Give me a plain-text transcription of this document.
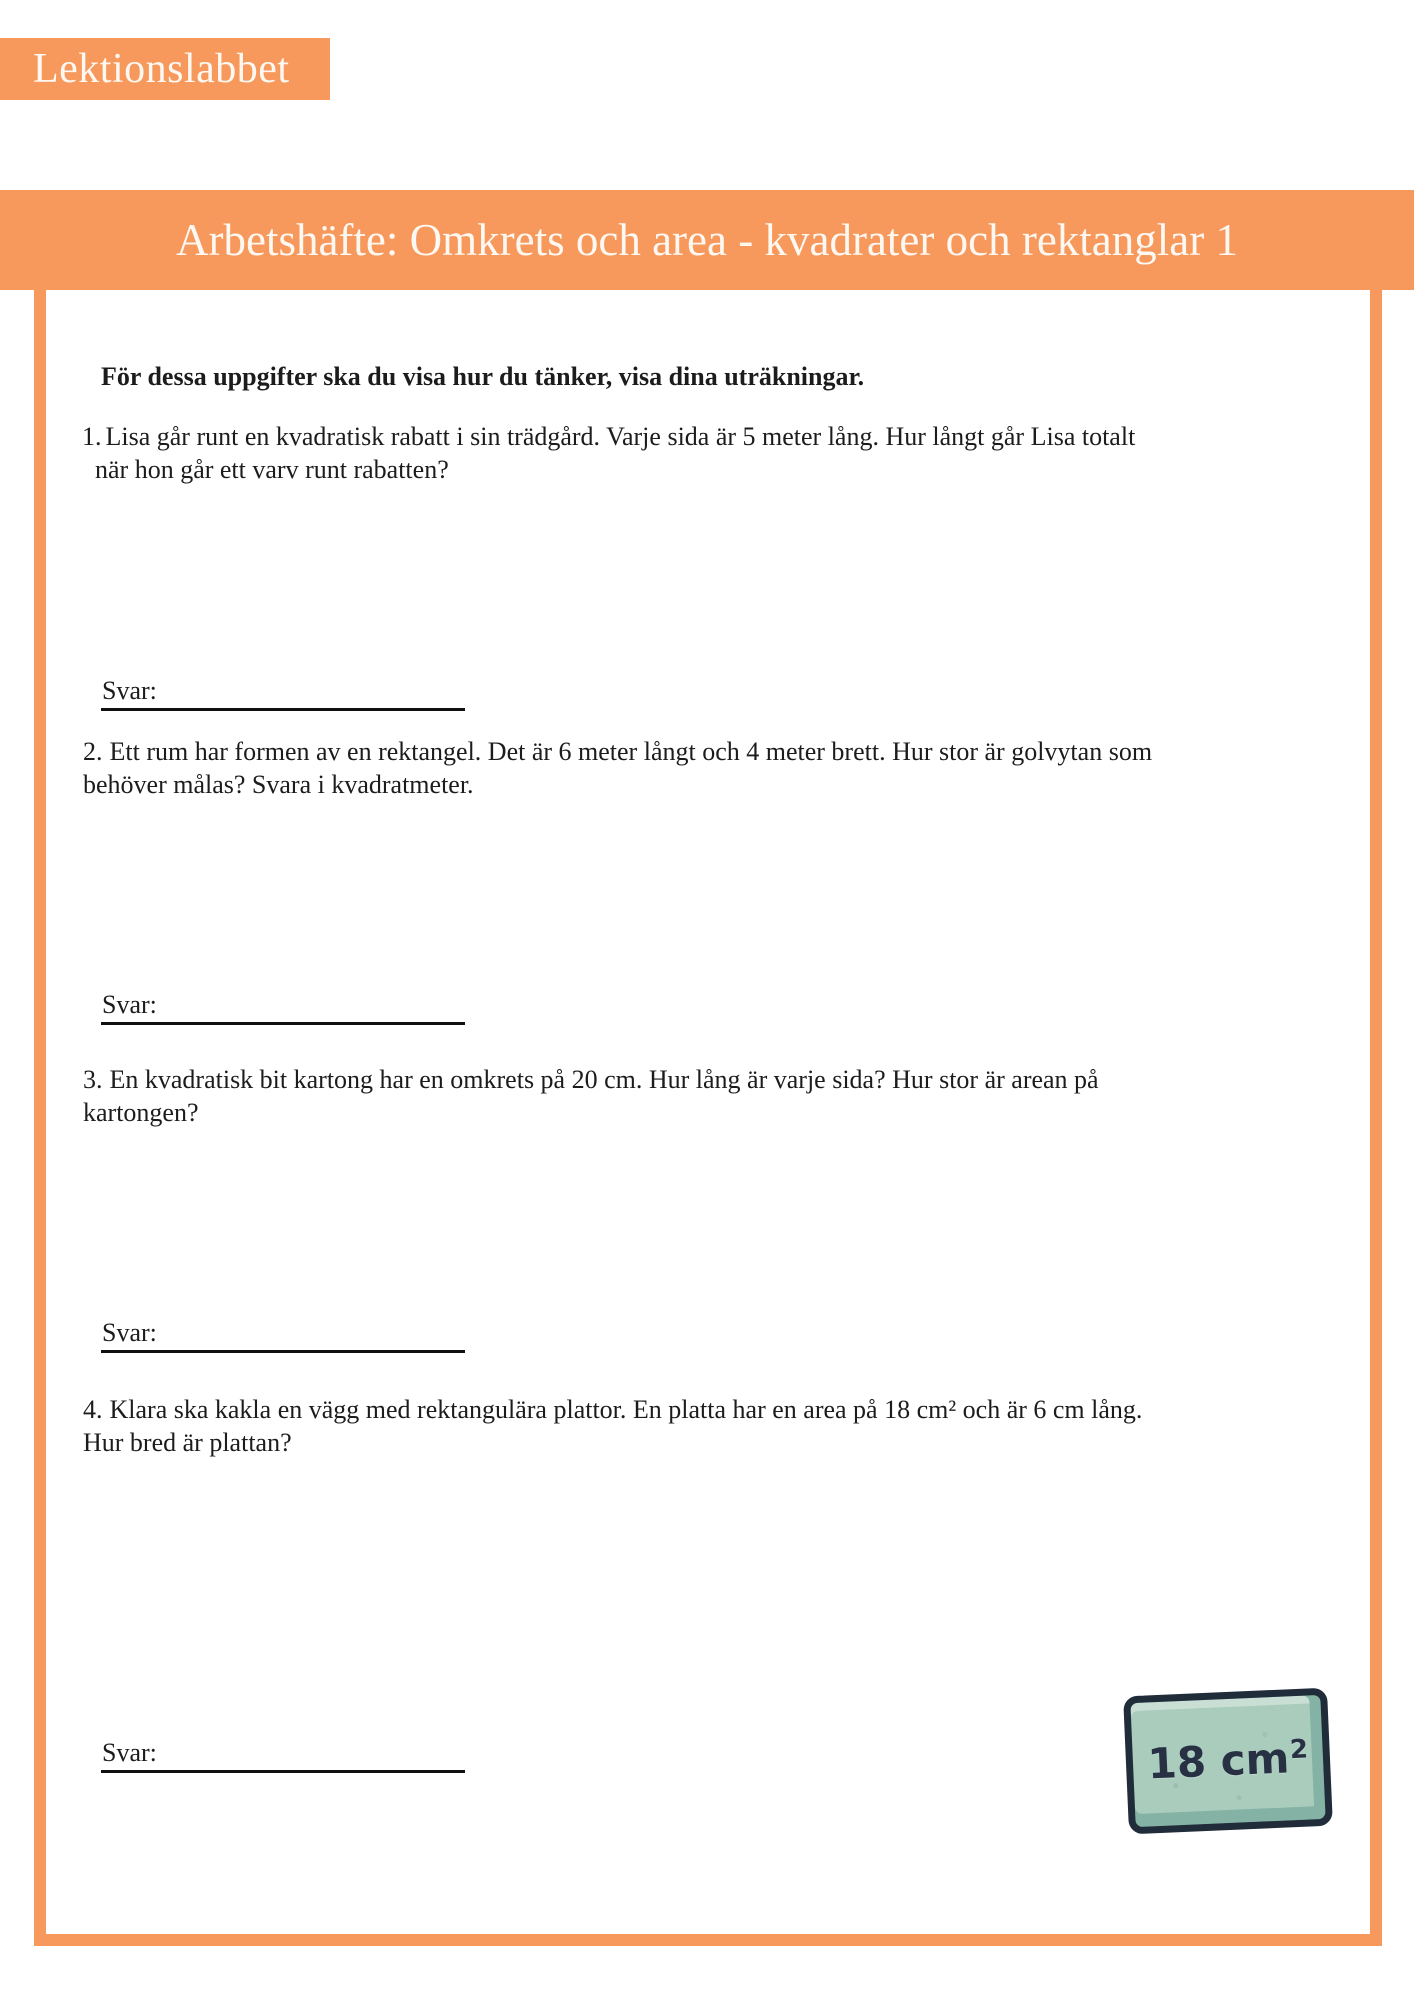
Lektionslabbet
Arbetshäfte: Omkrets och area - kvadrater och rektanglar 1
För dessa uppgifter ska du visa hur du tänker, visa dina uträkningar.
1. Lisa går runt en kvadratisk rabatt i sin trädgård. Varje sida är 5 meter lång. Hur långt går Lisa totalt
när hon går ett varv runt rabatten?
Svar:
2. Ett rum har formen av en rektangel. Det är 6 meter långt och 4 meter brett. Hur stor är golvytan som
behöver målas? Svara i kvadratmeter.
Svar:
3. En kvadratisk bit kartong har en omkrets på 20 cm. Hur lång är varje sida? Hur stor är arean på
kartongen?
Svar:
4. Klara ska kakla en vägg med rektangulära plattor. En platta har en area på 18 cm² och är 6 cm lång.
Hur bred är plattan?
Svar:	18 $cm^2$
